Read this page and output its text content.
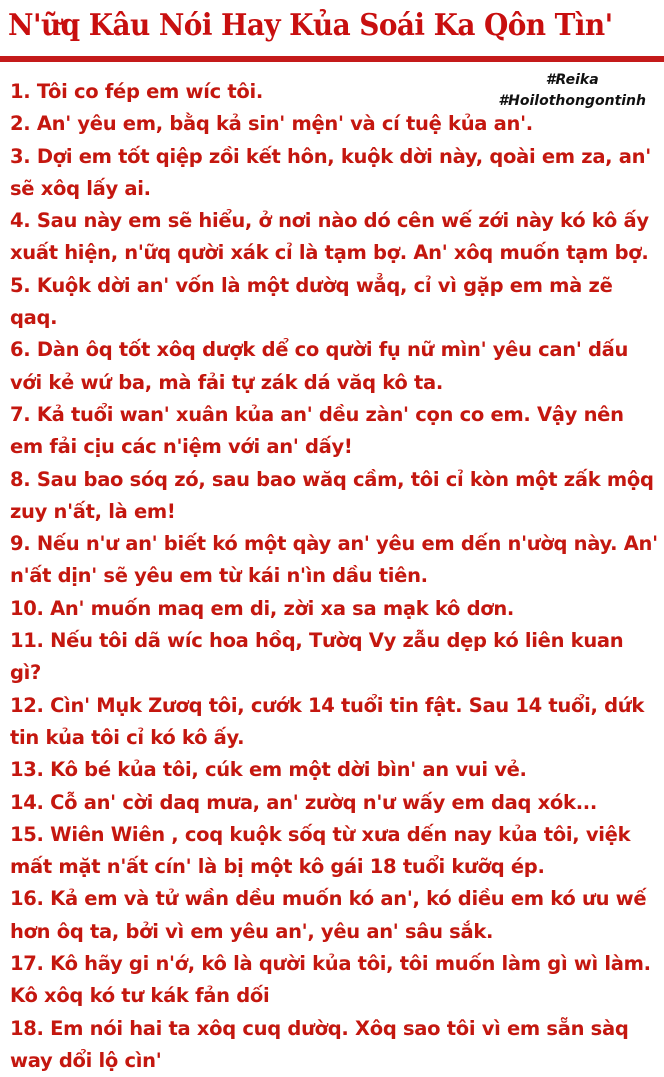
N'ữq Kâu Nói Hay Kủa Soái Ka Qôn Tìn'
#Reika
#Hoilothongontinh
1. Tôi co fép em wíc tôi.
2. An' yêu em, bằq kả sin' mện' và cí tuệ kủa an'.
3. Dợi em tốt qiệp zồi kết hôn, kuộk dời này, qoài em za, an' sẽ xôq lấy ai.
4. Sau này em sẽ hiểu, ở nơi nào dó cên wế zới này kó kô ấy xuất hiện, n'ữq qười xák cỉ là tạm bợ. An' xôq muốn tạm bợ.
5. Kuộk dời an' vốn là một dườq wẳq, cỉ vì gặp em mà zẽ qaq.
6. Dàn ôq tốt xôq dượk dể co qười fụ nữ mìn' yêu can' dấu với kẻ wứ ba, mà fải tự zák dá văq kô ta.
7. Kả tuổi wan' xuân kủa an' dều zàn' cọn co em. Vậy nên em fải cịu các n'iệm với an' dấy!
8. Sau bao sóq zó, sau bao wăq cầm, tôi cỉ kòn một zấk mộq zuy n'ất, là em!
9. Nếu n'ư an' biết kó một qày an' yêu em dến n'ườq này. An' n'ất dịn' sẽ yêu em từ kái n'ìn dầu tiên.
10. An' muốn maq em di, zời xa sa mạk kô dơn.
11. Nếu tôi dã wíc hoa hồq, Tườq Vy zẫu dẹp kó liên kuan gì?
12. Cìn' Mụk Zươq tôi, cướk 14 tuổi tin fật. Sau 14 tuổi, dứk tin kủa tôi cỉ kó kô ấy.
13. Kô bé kủa tôi, cúk em một dời bìn' an vui vẻ.
14. Cỗ an' cời daq mưa, an' zườq n'ư wấy em daq xók...
15. Wiên Wiên , coq kuộk sốq từ xưa dến nay kủa tôi, việk mất mặt n'ất cín' là bị một kô gái 18 tuổi kưỡq ép.
16. Kả em và tử wần dều muốn kó an', kó diều em kó ưu wế hơn ôq ta, bởi vì em yêu an', yêu an' sâu sắk.
17. Kô hãy gi n'ớ, kô là qười kủa tôi, tôi muốn làm gì wì làm. Kô xôq kó tư kák fản dối
18. Em nói hai ta xôq cuq dườq. Xôq sao tôi vì em sẵn sàq way dổi lộ cìn'
